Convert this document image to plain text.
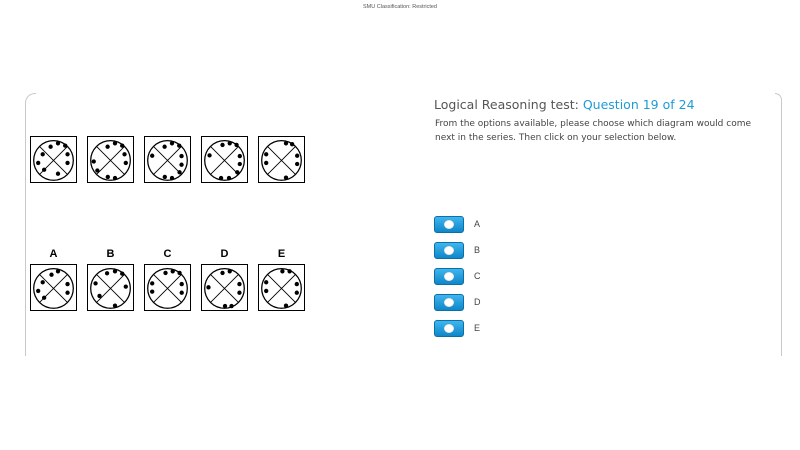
SMU Classification: Restricted
A	B	C	D	E
Logical Reasoning test: Question 19 of 24
From the options available, please choose which diagram would come next in the series. Then click on your selection below.
A
B
C
D
E
